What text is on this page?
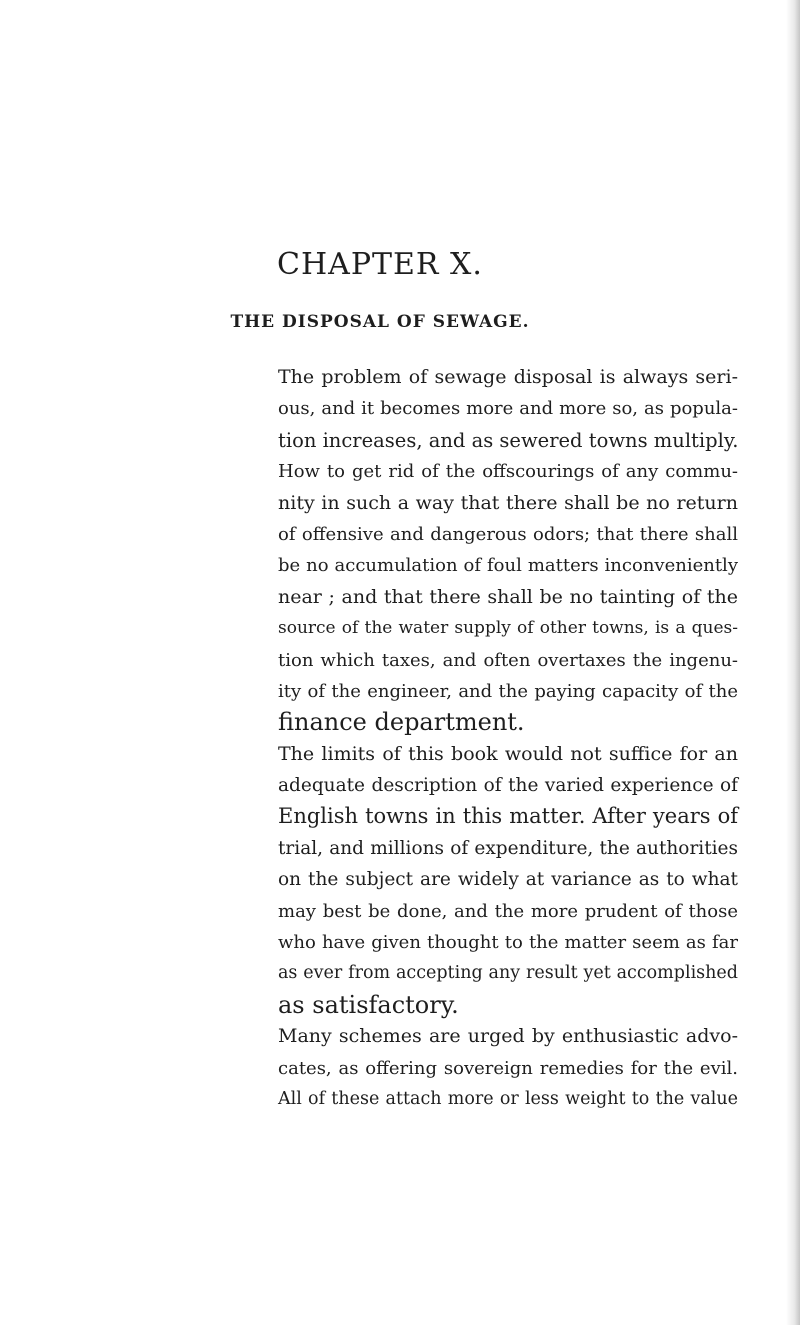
CHAPTER X.
THE DISPOSAL OF SEWAGE.
The problem of sewage disposal is always seri-
ous, and it becomes more and more so, as popula-
tion increases, and as sewered towns multiply.
How to get rid of the offscourings of any commu-
nity in such a way that there shall be no return
of offensive and dangerous odors; that there shall
be no accumulation of foul matters inconveniently
near ; and that there shall be no tainting of the
source of the water supply of other towns, is a ques-
tion which taxes, and often overtaxes the ingenu-
ity of the engineer, and the paying capacity of the
finance department.
The limits of this book would not suffice for an
adequate description of the varied experience of
English towns in this matter. After years of
trial, and millions of expenditure, the authorities
on the subject are widely at variance as to what
may best be done, and the more prudent of those
who have given thought to the matter seem as far
as ever from accepting any result yet accomplished
as satisfactory.
Many schemes are urged by enthusiastic advo-
cates, as offering sovereign remedies for the evil.
All of these attach more or less weight to the value
